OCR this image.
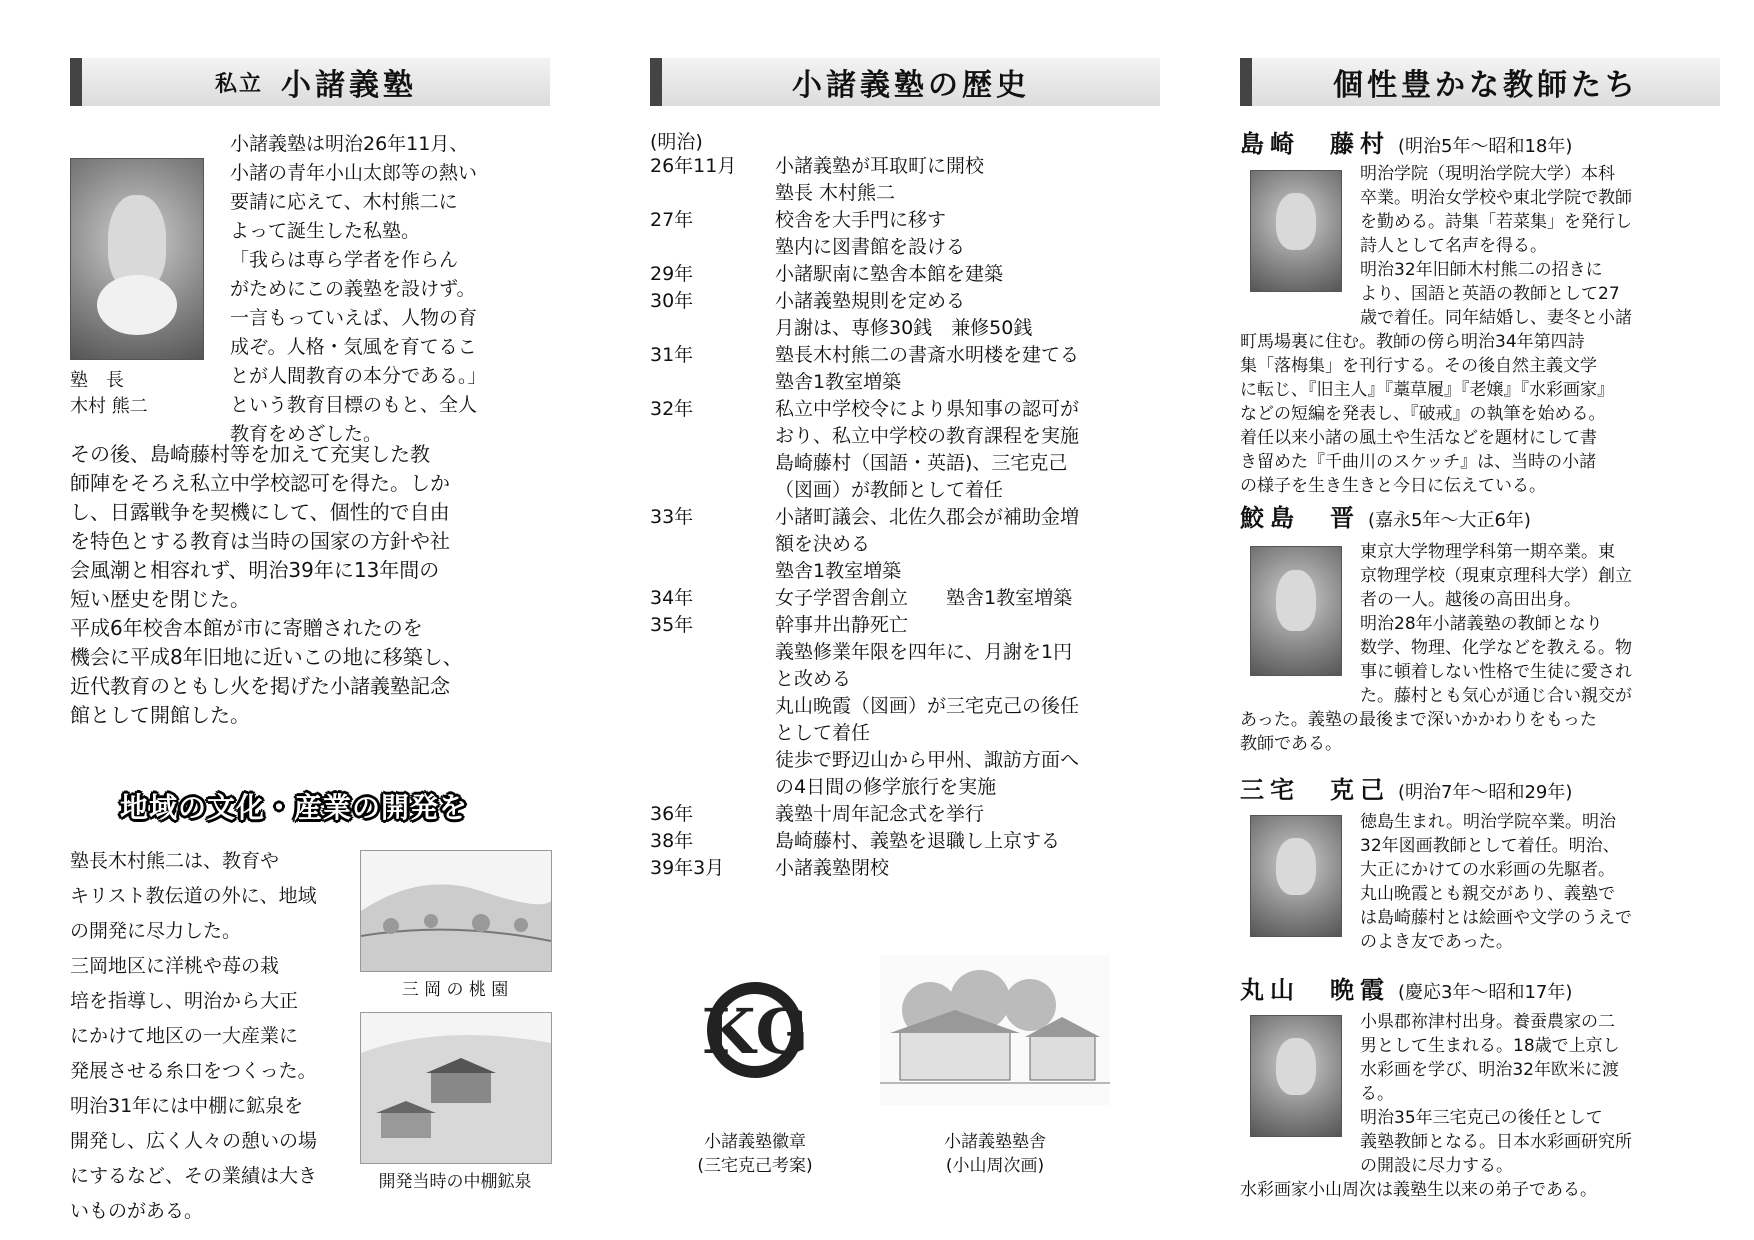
私立 小諸義塾

塾　長

木村 熊二

小諸義塾は明治26年11月、

小諸の青年小山太郎等の熱い

要請に応えて、木村熊二に

よって誕生した私塾。

「我らは専ら学者を作らん

がためにこの義塾を設けず。

一言もっていえば、人物の育

成ぞ。人格・気風を育てるこ

とが人間教育の本分である。」

という教育目標のもと、全人

教育をめざした。

その後、島崎藤村等を加えて充実した教

師陣をそろえ私立中学校認可を得た。しか

し、日露戦争を契機にして、個性的で自由

を特色とする教育は当時の国家の方針や社

会風潮と相容れず、明治39年に13年間の

短い歴史を閉じた。

平成6年校舎本館が市に寄贈されたのを

機会に平成8年旧地に近いこの地に移築し、

近代教育のともし火を掲げた小諸義塾記念

館として開館した。

地域の文化・産業の開発を

塾長木村熊二は、教育や

キリスト教伝道の外に、地域

の開発に尽力した。

三岡地区に洋桃や苺の栽

培を指導し、明治から大正

にかけて地区の一大産業に

発展させる糸口をつくった。

明治31年には中棚に鉱泉を

開発し、広く人々の憩いの場

にするなど、その業績は大き

いものがある。

三 岡 の 桃 園
開発当時の中棚鉱泉
小諸義塾の歴史
(明治)
26年11月	小諸義塾が耳取町に開校
塾長 木村熊二
27年	校舎を大手門に移す
塾内に図書館を設ける
29年	小諸駅南に塾舎本館を建築
30年	小諸義塾規則を定める
月謝は、専修30銭　兼修50銭
31年	塾長木村熊二の書斎水明楼を建てる
塾舎1教室増築
32年	私立中学校令により県知事の認可が
おり、私立中学校の教育課程を実施
島崎藤村（国語・英語)、三宅克己
（図画）が教師として着任
33年	小諸町議会、北佐久郡会が補助金増
額を決める
塾舎1教室増築
34年	女子学習舎創立　　塾舎1教室増築
35年	幹事井出静死亡
義塾修業年限を四年に、月謝を1円
と改める
丸山晩霞（図画）が三宅克己の後任
として着任
徒歩で野辺山から甲州、諏訪方面へ
の4日間の修学旅行を実施
36年	義塾十周年記念式を挙行
38年	島崎藤村、義塾を退職し上京する
39年3月	小諸義塾閉校
KG
小諸義塾徽章
(三宅克己考案)
小諸義塾塾舎
(小山周次画)
個性豊かな教師たち
島崎　藤村 (明治5年〜昭和18年)

明治学院（現明治学院大学）本科

卒業。明治女学校や東北学院で教師

を勤める。詩集「若菜集」を発行し

詩人として名声を得る。

明治32年旧師木村熊二の招きに

より、国語と英語の教師として27

歳で着任。同年結婚し、妻冬と小諸

町馬場裏に住む。教師の傍ら明治34年第四詩

集「落梅集」を刊行する。その後自然主義文学

に転じ、『旧主人』『藁草履』『老嬢』『水彩画家』

などの短編を発表し、『破戒』の執筆を始める。

着任以来小諸の風土や生活などを題材にして書

き留めた『千曲川のスケッチ』は、当時の小諸

の様子を生き生きと今日に伝えている。

鮫島　晋 (嘉永5年〜大正6年)

東京大学物理学科第一期卒業。東

京物理学校（現東京理科大学）創立

者の一人。越後の高田出身。

明治28年小諸義塾の教師となり

数学、物理、化学などを教える。物

事に頓着しない性格で生徒に愛され

た。藤村とも気心が通じ合い親交が

あった。義塾の最後まで深いかかわりをもった

教師である。

三宅　克己 (明治7年〜昭和29年)

徳島生まれ。明治学院卒業。明治

32年図画教師として着任。明治、

大正にかけての水彩画の先駆者。

丸山晩霞とも親交があり、義塾で

は島崎藤村とは絵画や文学のうえで

のよき友であった。

丸山　晩霞 (慶応3年〜昭和17年)

小県郡祢津村出身。養蚕農家の二

男として生まれる。18歳で上京し

水彩画を学び、明治32年欧米に渡

る。

明治35年三宅克己の後任として

義塾教師となる。日本水彩画研究所

の開設に尽力する。

水彩画家小山周次は義塾生以来の弟子である。
